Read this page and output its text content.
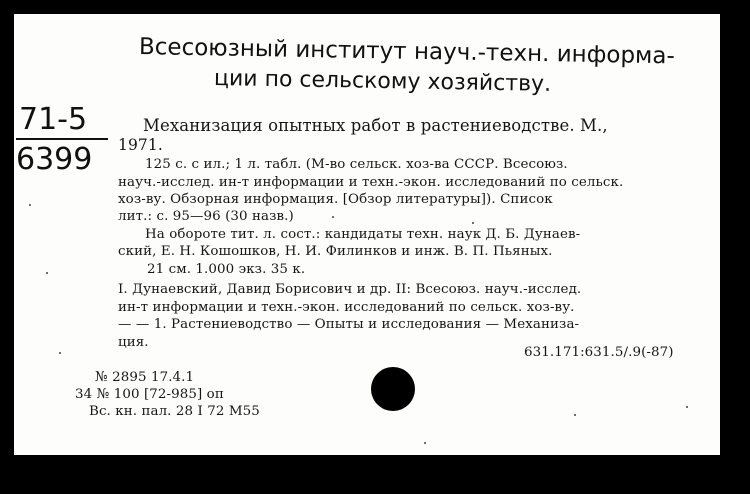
Всесоюзный институт науч.-техн. информа-
ции по сельскому хозяйству.
71-5
6399
Механизация опытных работ в растениеводстве. М.,
1971.
125 с. с ил.; 1 л. табл. (М-во сельск. хоз-ва СССР. Всесоюз.
науч.-исслед. ин-т информации и техн.-экон. исследований по сельск.
хоз-ву. Обзорная информация. [Обзор литературы]). Список
лит.: с. 95—96 (30 назв.)
На обороте тит. л. сост.: кандидаты техн. наук Д. Б. Дунаев-
ский, Е. Н. Кошошков, Н. И. Филинков и инж. В. П. Пьяных.
21 см. 1.000 экз. 35 к.
I. Дунаевский, Давид Борисович и др. II: Всесоюз. науч.-исслед.
ин-т информации и техн.-экон. исследований по сельск. хоз-ву.
— — 1. Растениеводство — Опыты и исследования — Механиза-
ция.
631.171:631.5/.9(-87)
№ 2895 17.4.1
34 № 100 [72-985] оп
Вс. кн. пал. 28 I 72 М55
